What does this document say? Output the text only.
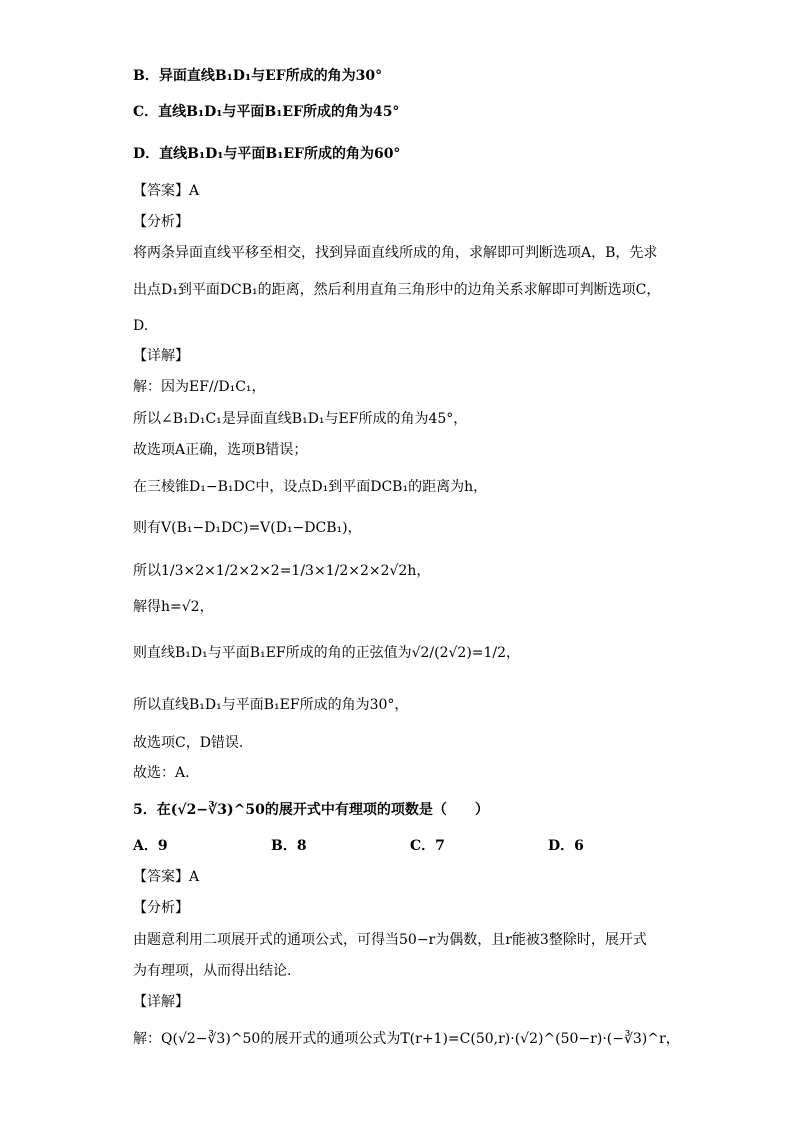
B．异面直线B₁D₁与EF所成的角为30°
C．直线B₁D₁与平面B₁EF所成的角为45°
D．直线B₁D₁与平面B₁EF所成的角为60°
【答案】A
【分析】
将两条异面直线平移至相交，找到异面直线所成的角，求解即可判断选项A，B，先求
出点D₁到平面DCB₁的距离，然后利用直角三角形中的边角关系求解即可判断选项C，
D.
【详解】
解：因为EF//D₁C₁，
所以∠B₁D₁C₁是异面直线B₁D₁与EF所成的角为45°，
故选项A正确，选项B错误；
在三棱锥D₁−B₁DC中，设点D₁到平面DCB₁的距离为h，
则有V(B₁−D₁DC)=V(D₁−DCB₁)，
所以1/3×2×1/2×2×2=1/3×1/2×2×2√2h，
解得h=√2，
则直线B₁D₁与平面B₁EF所成的角的正弦值为√2/(2√2)=1/2，
所以直线B₁D₁与平面B₁EF所成的角为30°，
故选项C，D错误.
故选：A.
5．在(√2−∛3)^50的展开式中有理项的项数是（　　）
A．9	B．8	C．7	D．6
【答案】A
【分析】
由题意利用二项展开式的通项公式，可得当50−r为偶数，且r能被3整除时，展开式
为有理项，从而得出结论.
【详解】
解：Q(√2−∛3)^50的展开式的通项公式为T(r+1)=C(50,r)·(√2)^(50−r)·(−∛3)^r，
